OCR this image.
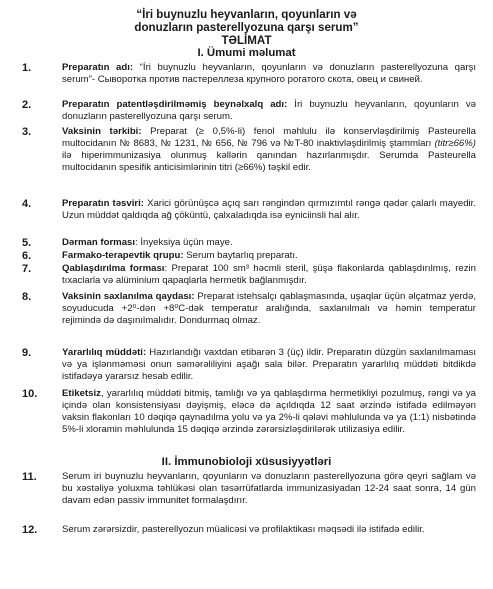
“İri buynuzlu heyvanların, qoyunların və
donuzların pasterellyozuna qarşı serum”
TƏLİMAT
I. Ümumi məlumat
1.	Preparatın adı: “İri buynuzlu heyvanların, qoyunların və donuzların pasterellyozuna qarşı serum”- Сыворотка против пастереллеза крупного рогатого скота, овец и свиней.
2.	Preparatın patentləşdirilməmiş beynəlxalq adı: İri buynuzlu heyvanların, qoyunların və donuzların pasterellyozuna qarşı serum.
3.	Vaksinin tərkibi: Preparat (≥ 0,5%-li) fenol məhlulu ilə konservləşdirilmiş Pasteurella multocidanın № 8683, № 1231, № 656, № 796 və №T-80 inaktivləşdirilmiş ştammları (titr≥66%) ilə hiperimmunizasiya olunmuş kəllərin qanından hazırlanmışdır. Serumda Pasteurella multocidanın spesifik anticisimlərinin titri (≥66%) təşkil edir.
4.	Preparatın təsviri: Xarici görünüşcə açıq sarı rəngindən qırmızımtıl rəngə qədər çalarlı mayedir. Uzun müddət qaldıqda ağ çöküntü, çalxaladıqda isə eyniciinsli hal alır.
5.	Dərman forması: İnyeksiya üçün maye.
6.	Farmako-terapevtik qrupu: Serum baytarlıq preparatı.
7.	Qablaşdırılma forması: Preparat 100 sm³ həcmli steril, şüşə flakonlarda qablaşdırılmış, rezin tıxaclarla və alüminium qapaqlarla hermetik bağlanmışdır.
8.	Vaksinin saxlanılma qaydası: Preparat istehsalçı qablaşmasında, uşaqlar üçün əlçatmaz yerdə, soyuducuda +2⁰-dən +8⁰C-dək temperatur aralığında, saxlanılmalı və həmin temperatur rejimində də daşınılmalıdır. Dondurmaq olmaz.
9.	Yararlılıq müddəti: Hazırlandığı vaxtdan etibarən 3 (üç) ildir. Preparatın düzgün saxlanılmaması və ya işlənməməsi onun səmərəliliyini aşağı sala bilər. Preparatın yararlılıq müddəti bitdikdə istifadəyə yararsız hesab edilir.
10.	Etiketsiz, yararlılıq müddəti bitmiş, tamlığı və ya qablaşdırma hermetikliyi pozulmuş, rəngi və ya içində olan konsistensiyası dəyişmiş, eləcə də açıldıqda 12 saat ərzində istifadə edilməyən vaksin flakonları 10 dəqiqə qaynadılma yolu və ya 2%-li qələvi məhlulunda və ya (1:1) nisbətində 5%-li xloramin məhlulunda 15 dəqiqə ərzində zərərsizləşdirilərək utilizasiya edilir.
II. İmmunobioloji xüsusiyyətləri
11.	Serum iri buynuzlu heyvanların, qoyunların və donuzların pasterellyozuna görə qeyri sağlam və bu xəstəliyə yoluxma təhlükəsi olan təsərrüfatlarda immunizasiyadan 12-24 saat sonra, 14 gün davam edən passiv immunitet formalaşdırır.
12.	Serum zərərsizdir, pasterellyozun müalicəsi və profilaktikası məqsədi ilə istifadə edilir.
